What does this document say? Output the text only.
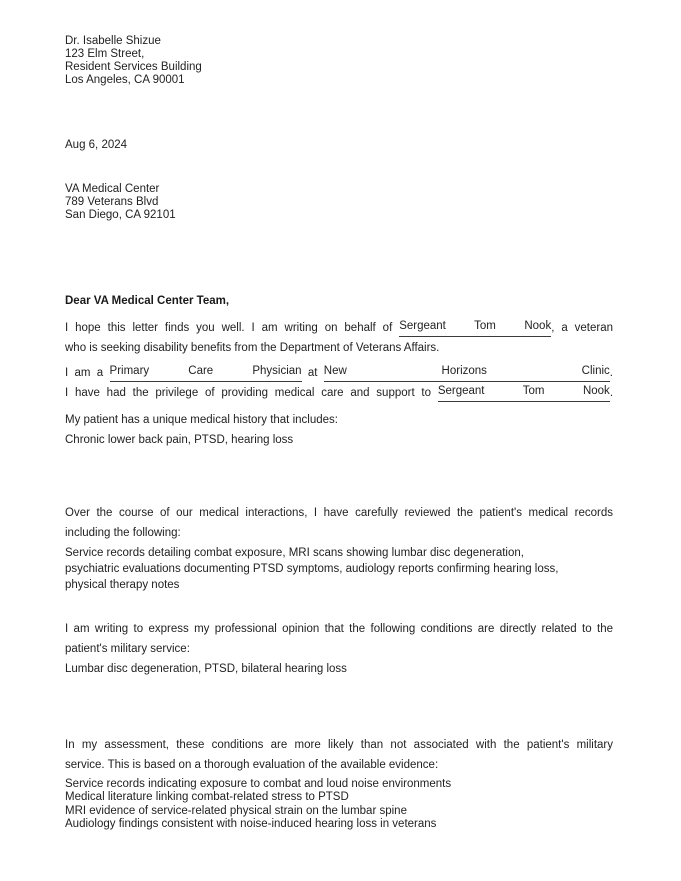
Dr. Isabelle Shizue
123 Elm Street,
Resident Services Building
Los Angeles, CA 90001
Aug 6, 2024
VA Medical Center
789 Veterans Blvd
San Diego, CA 92101
Dear VA Medical Center Team,
I hope this letter finds you well. I am writing on behalf of Sergeant Tom Nook, a veteran
who is seeking disability benefits from the Department of Veterans Affairs.
I am a Primary Care Physician at New Horizons Clinic.
I have had the privilege of providing medical care and support to Sergeant Tom Nook.
My patient has a unique medical history that includes:
Chronic lower back pain, PTSD, hearing loss
Over the course of our medical interactions, I have carefully reviewed the patient's medical records
including the following:
Service records detailing combat exposure, MRI scans showing lumbar disc degeneration,
psychiatric evaluations documenting PTSD symptoms, audiology reports confirming hearing loss,
physical therapy notes
I am writing to express my professional opinion that the following conditions are directly related to the
patient's military service:
Lumbar disc degeneration, PTSD, bilateral hearing loss
In my assessment, these conditions are more likely than not associated with the patient's military
service. This is based on a thorough evaluation of the available evidence:
Service records indicating exposure to combat and loud noise environments
Medical literature linking combat-related stress to PTSD
MRI evidence of service-related physical strain on the lumbar spine
Audiology findings consistent with noise-induced hearing loss in veterans
